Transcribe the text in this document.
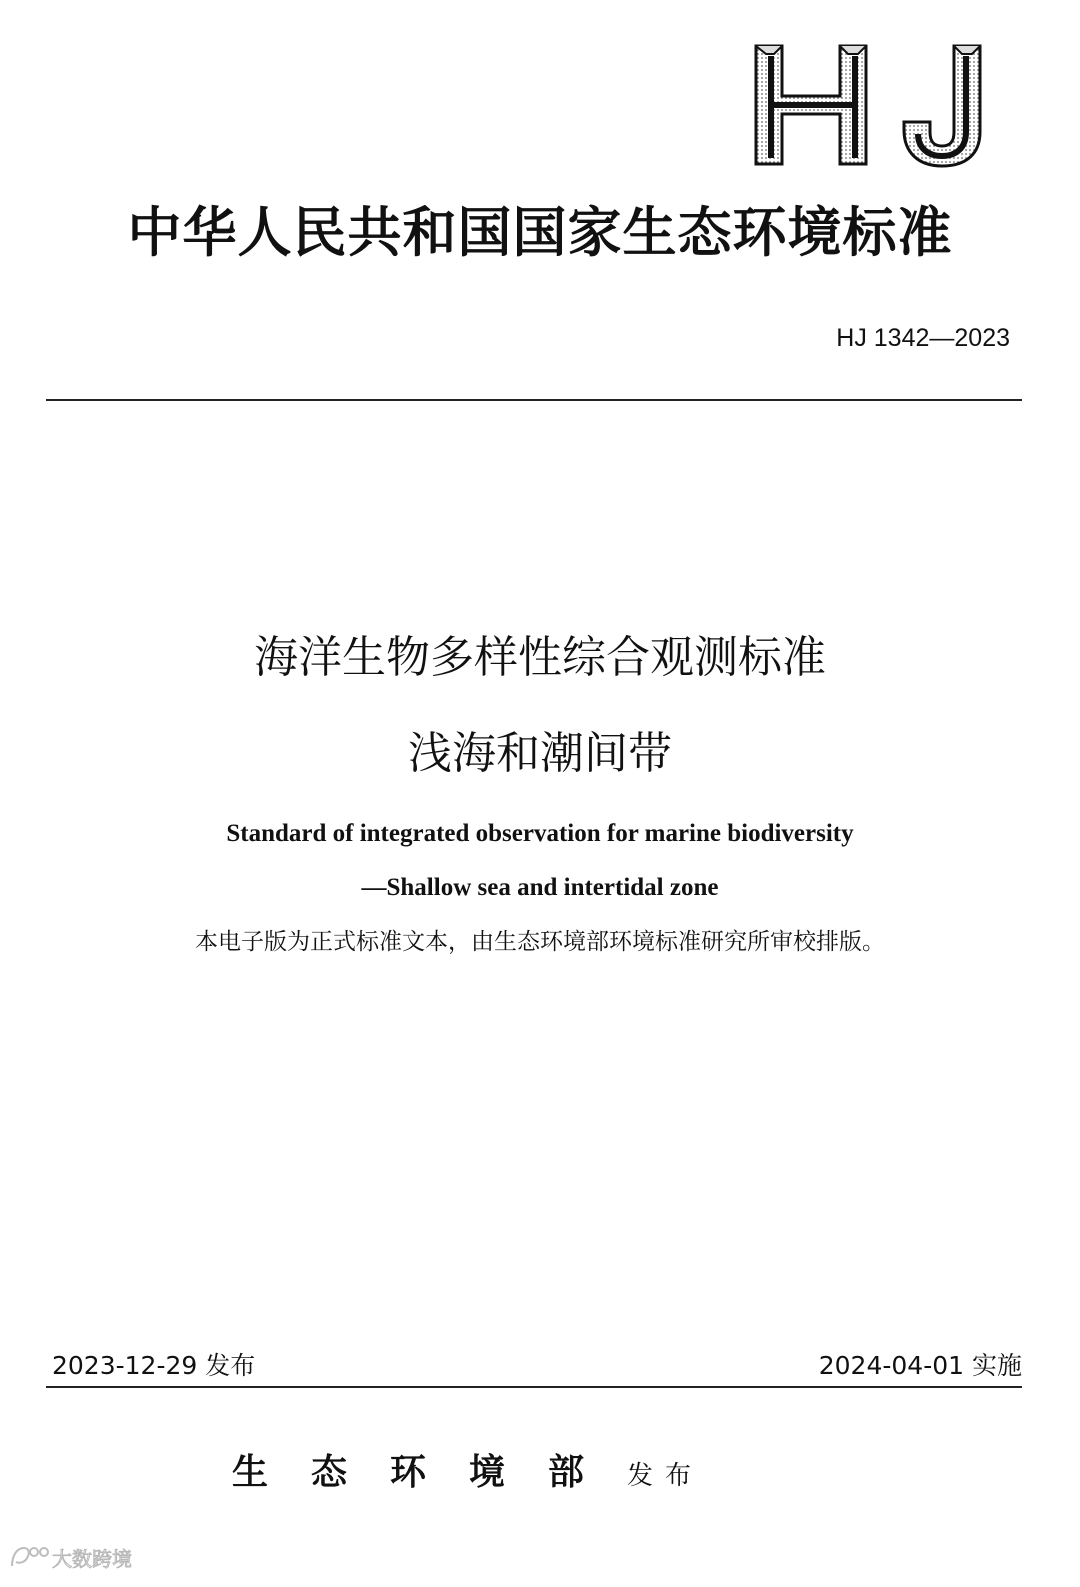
中华人民共和国国家生态环境标准
HJ 1342—2023
海洋生物多样性综合观测标准
浅海和潮间带
Standard of integrated observation for marine biodiversity
—Shallow sea and intertidal zone
本电子版为正式标准文本，由生态环境部环境标准研究所审校排版。
2023-12-29 发布	2024-04-01 实施
生态环境部发布
大数跨境
